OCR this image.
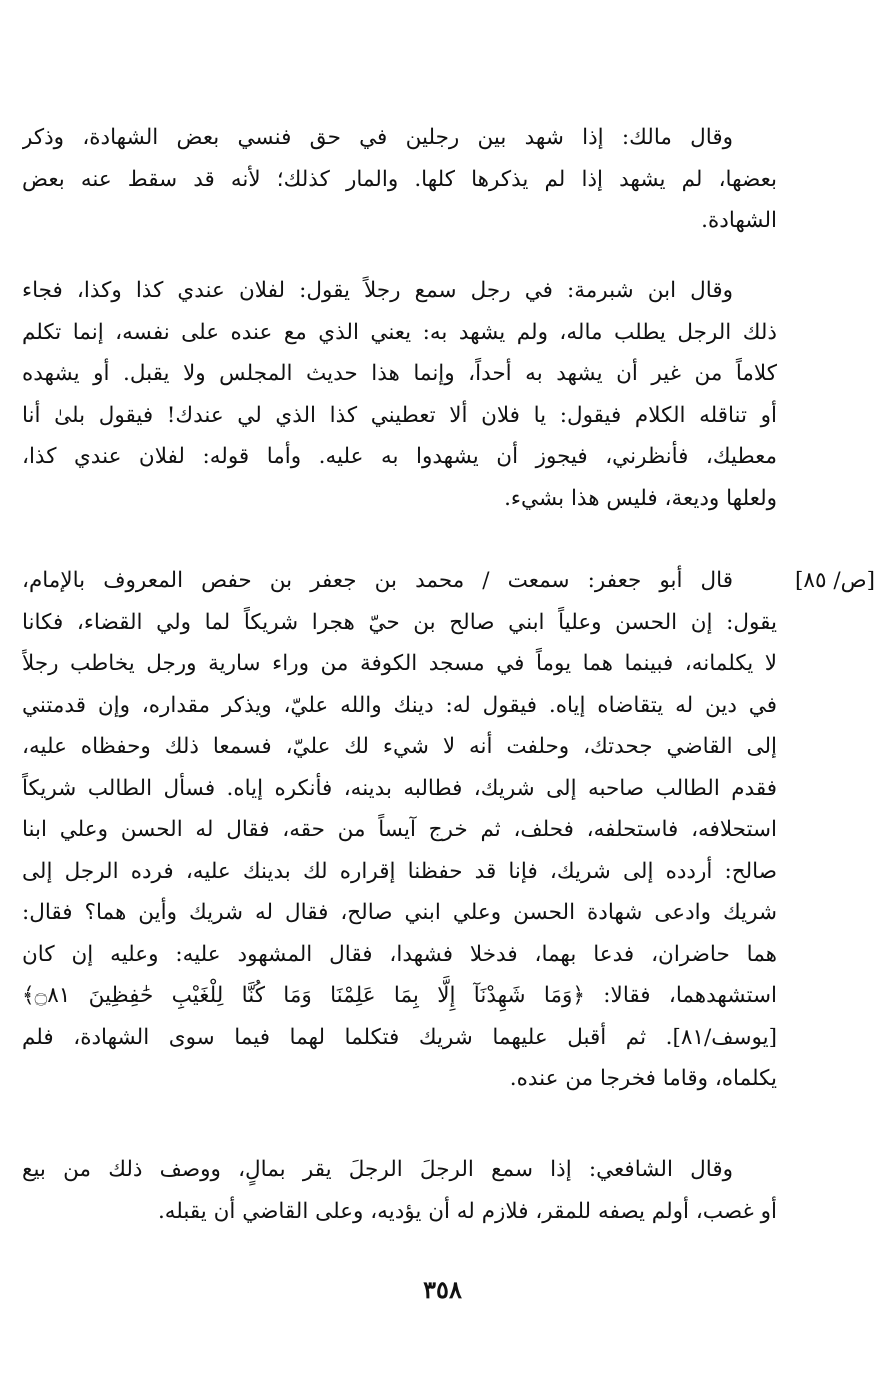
وقال مالك: إذا شهد بين رجلين في حق فنسي بعض الشهادة، وذكر
بعضها، لم يشهد إذا لم يذكرها كلها. والمار كذلك؛ لأنه قد سقط عنه بعض
الشهادة.
وقال ابن شبرمة: في رجل سمع رجلاً يقول: لفلان عندي كذا وكذا، فجاء
ذلك الرجل يطلب ماله، ولم يشهد به: يعني الذي مع عنده على نفسه، إنما تكلم
كلاماً من غير أن يشهد به أحداً، وإنما هذا حديث المجلس ولا يقبل. أو يشهده
أو تناقله الكلام فيقول: يا فلان ألا تعطيني كذا الذي لي عندك! فيقول بلىٰ أنا
معطيك، فأنظرني، فيجوز أن يشهدوا به عليه. وأما قوله: لفلان عندي كذا،
ولعلها وديعة، فليس هذا بشيء.
[ص/ ٨٥]
قال أبو جعفر: سمعت / محمد بن جعفر بن حفص المعروف بالإمام،
يقول: إن الحسن وعلياً ابني صالح بن حيّ هجرا شريكاً لما ولي القضاء، فكانا
لا يكلمانه، فبينما هما يوماً في مسجد الكوفة من وراء سارية ورجل يخاطب رجلاً
في دين له يتقاضاه إياه. فيقول له: دينك والله عليّ، ويذكر مقداره، وإن قدمتني
إلى القاضي جحدتك، وحلفت أنه لا شيء لك عليّ، فسمعا ذلك وحفظاه عليه،
فقدم الطالب صاحبه إلى شريك، فطالبه بدينه، فأنكره إياه. فسأل الطالب شريكاً
استحلافه، فاستحلفه، فحلف، ثم خرج آيساً من حقه، فقال له الحسن وعلي ابنا
صالح: أردده إلى شريك، فإنا قد حفظنا إقراره لك بدينك عليه، فرده الرجل إلى
شريك وادعى شهادة الحسن وعلي ابني صالح، فقال له شريك وأين هما؟ فقال:
هما حاضران، فدعا بهما، فدخلا فشهدا، فقال المشهود عليه: وعليه إن كان
استشهدهما، فقالا: ﴿وَمَا شَهِدْنَآ إِلَّا بِمَا عَلِمْنَا وَمَا كُنَّا لِلْغَيْبِ حَٰفِظِينَ ۝٨١﴾
[يوسف/٨١]. ثم أقبل عليهما شريك فتكلما لهما فيما سوى الشهادة، فلم
يكلماه، وقاما فخرجا من عنده.
وقال الشافعي: إذا سمع الرجلَ الرجلَ يقر بمالٍ، ووصف ذلك من بيع
أو غصب، أولم يصفه للمقر، فلازم له أن يؤديه، وعلى القاضي أن يقبله.
٣٥٨
